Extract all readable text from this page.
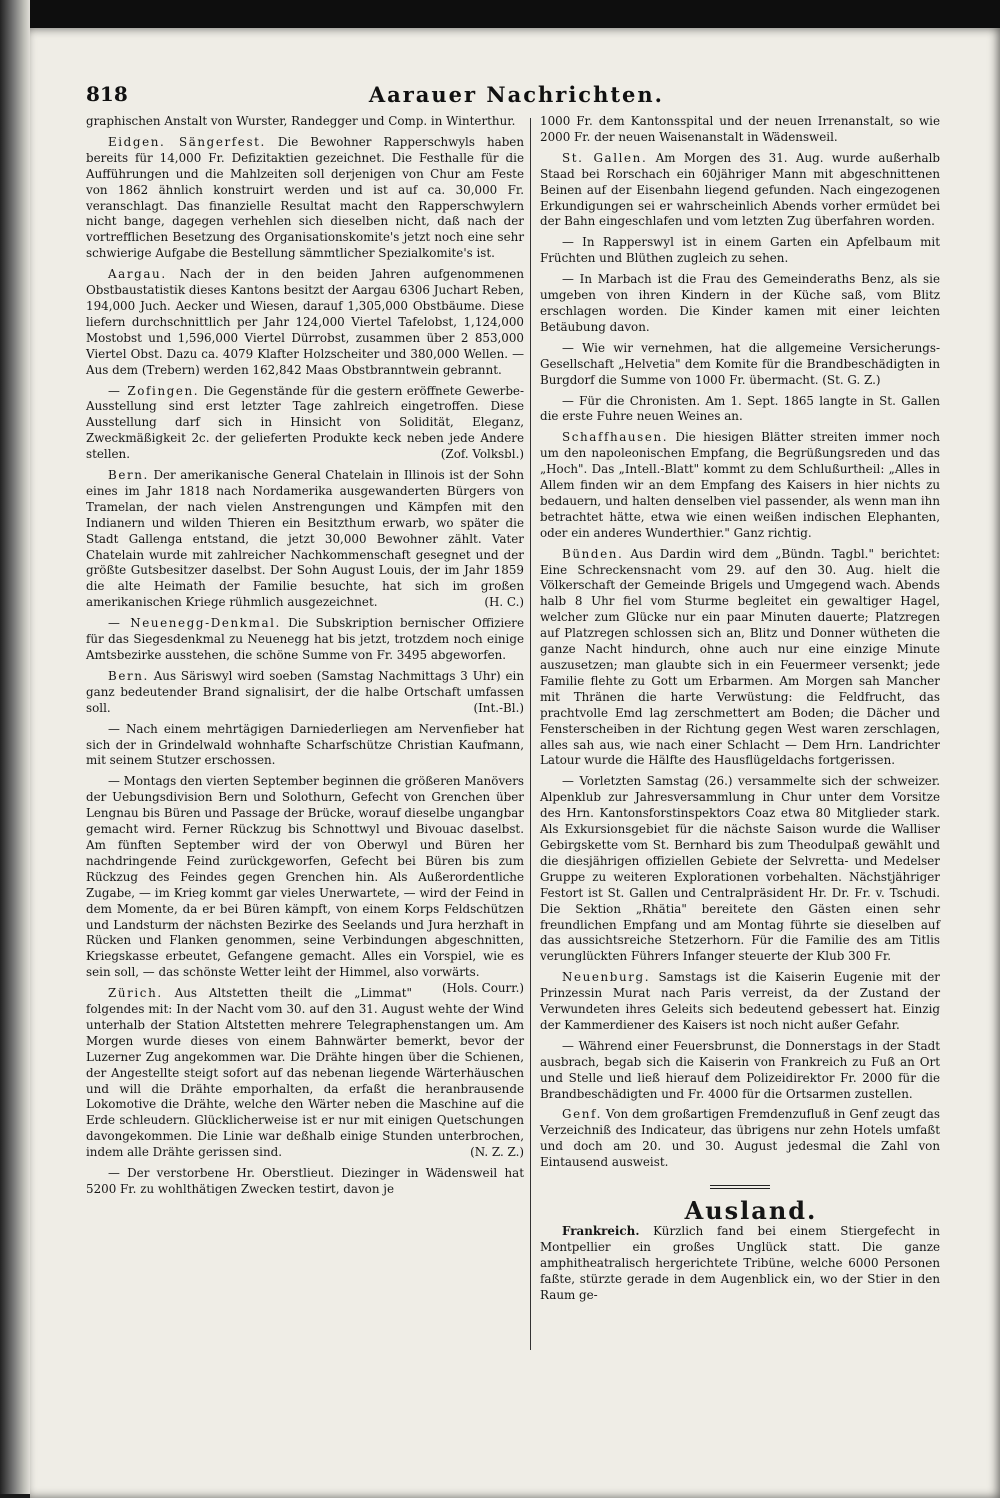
818	Aarauer Nachrichten.

graphischen Anstalt von Wurster, Randegger und Comp. in Winterthur.

Eidgen. Sängerfest. Die Bewohner Rapperschwyls haben bereits für 14,000 Fr. Defizitaktien gezeichnet. Die Festhalle für die Aufführungen und die Mahlzeiten soll derjenigen von Chur am Feste von 1862 ähnlich konstruirt werden und ist auf ca. 30,000 Fr. veranschlagt. Das finanzielle Resultat macht den Rapperschwylern nicht bange, dagegen verhehlen sich dieselben nicht, daß nach der vortrefflichen Besetzung des Organisationskomite's jetzt noch eine sehr schwierige Aufgabe die Bestellung sämmtlicher Spezialkomite's ist.

Aargau. Nach der in den beiden Jahren aufgenommenen Obstbaustatistik dieses Kantons besitzt der Aargau 6306 Juchart Reben, 194,000 Juch. Aecker und Wiesen, darauf 1,305,000 Obstbäume. Diese liefern durchschnittlich per Jahr 124,000 Viertel Tafelobst, 1,124,000 Mostobst und 1,596,000 Viertel Dürrobst, zusammen über 2 853,000 Viertel Obst. Dazu ca. 4079 Klafter Holzscheiter und 380,000 Wellen. — Aus dem (Trebern) werden 162,842 Maas Obstbranntwein gebrannt.

— Zofingen. Die Gegenstände für die gestern eröffnete Gewerbe-Ausstellung sind erst letzter Tage zahlreich eingetroffen. Diese Ausstellung darf sich in Hinsicht von Solidität, Eleganz, Zweckmäßigkeit 2c. der gelieferten Produkte keck neben jede Andere stellen.	(Zof. Volksbl.)

Bern. Der amerikanische General Chatelain in Illinois ist der Sohn eines im Jahr 1818 nach Nordamerika ausgewanderten Bürgers von Tramelan, der nach vielen Anstrengungen und Kämpfen mit den Indianern und wilden Thieren ein Besitzthum erwarb, wo später die Stadt Gallenga entstand, die jetzt 30,000 Bewohner zählt. Vater Chatelain wurde mit zahlreicher Nachkommenschaft gesegnet und der größte Gutsbesitzer daselbst. Der Sohn August Louis, der im Jahr 1859 die alte Heimath der Familie besuchte, hat sich im großen amerikanischen Kriege rühmlich ausgezeichnet.	(H. C.)

— Neuenegg-Denkmal. Die Subskription bernischer Offiziere für das Siegesdenkmal zu Neuenegg hat bis jetzt, trotzdem noch einige Amtsbezirke ausstehen, die schöne Summe von Fr. 3495 abgeworfen.

Bern. Aus Säriswyl wird soeben (Samstag Nachmittags 3 Uhr) ein ganz bedeutender Brand signalisirt, der die halbe Ortschaft umfassen soll.	(Int.-Bl.)

— Nach einem mehrtägigen Darniederliegen am Nervenfieber hat sich der in Grindelwald wohnhafte Scharfschütze Christian Kaufmann, mit seinem Stutzer erschossen.

— Montags den vierten September beginnen die größeren Manövers der Uebungsdivision Bern und Solothurn, Gefecht von Grenchen über Lengnau bis Büren und Passage der Brücke, worauf dieselbe ungangbar gemacht wird. Ferner Rückzug bis Schnottwyl und Bivouac daselbst. Am fünften September wird der von Oberwyl und Büren her nachdringende Feind zurückgeworfen, Gefecht bei Büren bis zum Rückzug des Feindes gegen Grenchen hin. Als Außerordentliche Zugabe, — im Krieg kommt gar vieles Unerwartete, — wird der Feind in dem Momente, da er bei Büren kämpft, von einem Korps Feldschützen und Landsturm der nächsten Bezirke des Seelands und Jura herzhaft in Rücken und Flanken genommen, seine Verbindungen abgeschnitten, Kriegskasse erbeutet, Gefangene gemacht. Alles ein Vorspiel, wie es sein soll, — das schönste Wetter leiht der Himmel, also vorwärts.
(Hols. Courr.)

Zürich. Aus Altstetten theilt die „Limmat" folgendes mit: In der Nacht vom 30. auf den 31. August wehte der Wind unterhalb der Station Altstetten mehrere Telegraphenstangen um. Am Morgen wurde dieses von einem Bahnwärter bemerkt, bevor der Luzerner Zug angekommen war. Die Drähte hingen über die Schienen, der Angestellte steigt sofort auf das nebenan liegende Wärterhäuschen und will die Drähte emporhalten, da erfaßt die heranbrausende Lokomotive die Drähte, welche den Wärter neben die Maschine auf die Erde schleudern. Glücklicherweise ist er nur mit einigen Quetschungen davongekommen. Die Linie war deßhalb einige Stunden unterbrochen, indem alle Drähte gerissen sind.	(N. Z. Z.)

— Der verstorbene Hr. Oberstlieut. Diezinger in Wädensweil hat 5200 Fr. zu wohlthätigen Zwecken testirt, davon je

1000 Fr. dem Kantonsspital und der neuen Irrenanstalt, so wie 2000 Fr. der neuen Waisenanstalt in Wädensweil.

St. Gallen. Am Morgen des 31. Aug. wurde außerhalb Staad bei Rorschach ein 60jähriger Mann mit abgeschnittenen Beinen auf der Eisenbahn liegend gefunden. Nach eingezogenen Erkundigungen sei er wahrscheinlich Abends vorher ermüdet bei der Bahn eingeschlafen und vom letzten Zug überfahren worden.

— In Rapperswyl ist in einem Garten ein Apfelbaum mit Früchten und Blüthen zugleich zu sehen.

— In Marbach ist die Frau des Gemeinderaths Benz, als sie umgeben von ihren Kindern in der Küche saß, vom Blitz erschlagen worden. Die Kinder kamen mit einer leichten Betäubung davon.

— Wie wir vernehmen, hat die allgemeine Versicherungs-Gesellschaft „Helvetia" dem Komite für die Brandbeschädigten in Burgdorf die Summe von 1000 Fr. übermacht. (St. G. Z.)

— Für die Chronisten. Am 1. Sept. 1865 langte in St. Gallen die erste Fuhre neuen Weines an.

Schaffhausen. Die hiesigen Blätter streiten immer noch um den napoleonischen Empfang, die Begrüßungsreden und das „Hoch". Das „Intell.-Blatt" kommt zu dem Schlußurtheil: „Alles in Allem finden wir an dem Empfang des Kaisers in hier nichts zu bedauern, und halten denselben viel passender, als wenn man ihn betrachtet hätte, etwa wie einen weißen indischen Elephanten, oder ein anderes Wunderthier." Ganz richtig.

Bünden. Aus Dardin wird dem „Bündn. Tagbl." berichtet: Eine Schreckensnacht vom 29. auf den 30. Aug. hielt die Völkerschaft der Gemeinde Brigels und Umgegend wach. Abends halb 8 Uhr fiel vom Sturme begleitet ein gewaltiger Hagel, welcher zum Glücke nur ein paar Minuten dauerte; Platzregen auf Platzregen schlossen sich an, Blitz und Donner wütheten die ganze Nacht hindurch, ohne auch nur eine einzige Minute auszusetzen; man glaubte sich in ein Feuermeer versenkt; jede Familie flehte zu Gott um Erbarmen. Am Morgen sah Mancher mit Thränen die harte Verwüstung: die Feldfrucht, das prachtvolle Emd lag zerschmettert am Boden; die Dächer und Fensterscheiben in der Richtung gegen West waren zerschlagen, alles sah aus, wie nach einer Schlacht — Dem Hrn. Landrichter Latour wurde die Hälfte des Hausflügeldachs fortgerissen.

— Vorletzten Samstag (26.) versammelte sich der schweizer. Alpenklub zur Jahresversammlung in Chur unter dem Vorsitze des Hrn. Kantonsforstinspektors Coaz etwa 80 Mitglieder stark. Als Exkursionsgebiet für die nächste Saison wurde die Walliser Gebirgskette vom St. Bernhard bis zum Theodulpaß gewählt und die diesjährigen offiziellen Gebiete der Selvretta- und Medelser Gruppe zu weiteren Explorationen vorbehalten. Nächstjähriger Festort ist St. Gallen und Centralpräsident Hr. Dr. Fr. v. Tschudi. Die Sektion „Rhätia" bereitete den Gästen einen sehr freundlichen Empfang und am Montag führte sie dieselben auf das aussichtsreiche Stetzerhorn. Für die Familie des am Titlis verunglückten Führers Infanger steuerte der Klub 300 Fr.

Neuenburg. Samstags ist die Kaiserin Eugenie mit der Prinzessin Murat nach Paris verreist, da der Zustand der Verwundeten ihres Geleits sich bedeutend gebessert hat. Einzig der Kammerdiener des Kaisers ist noch nicht außer Gefahr.

— Während einer Feuersbrunst, die Donnerstags in der Stadt ausbrach, begab sich die Kaiserin von Frankreich zu Fuß an Ort und Stelle und ließ hierauf dem Polizeidirektor Fr. 2000 für die Brandbeschädigten und Fr. 4000 für die Ortsarmen zustellen.

Genf. Von dem großartigen Fremdenzufluß in Genf zeugt das Verzeichniß des Indicateur, das übrigens nur zehn Hotels umfaßt und doch am 20. und 30. August jedesmal die Zahl von Eintausend ausweist.

Ausland.

Frankreich. Kürzlich fand bei einem Stiergefecht in Montpellier ein großes Unglück statt. Die ganze amphitheatralisch hergerichtete Tribüne, welche 6000 Personen faßte, stürzte gerade in dem Augenblick ein, wo der Stier in den Raum ge-
